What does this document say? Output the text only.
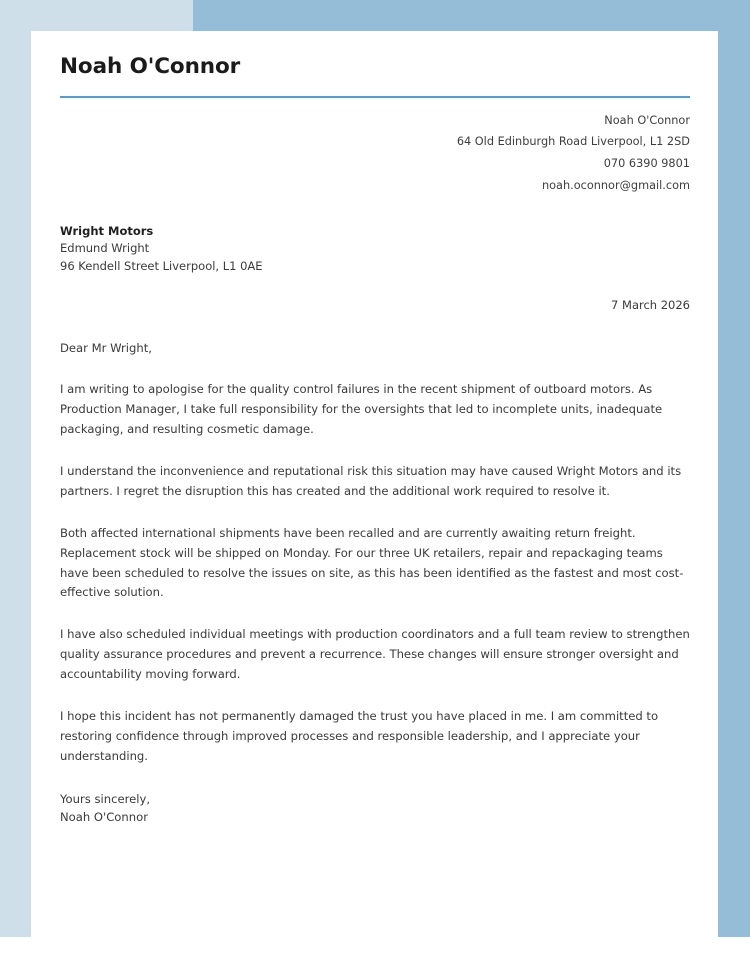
Noah O'Connor
Noah O'Connor
64 Old Edinburgh Road Liverpool, L1 2SD
070 6390 9801
noah.oconnor@gmail.com
Wright Motors
Edmund Wright
96 Kendell Street Liverpool, L1 0AE
7 March 2026
Dear Mr Wright,

I am writing to apologise for the quality control failures in the recent shipment of outboard motors. As Production Manager, I take full responsibility for the oversights that led to incomplete units, inadequate packaging, and resulting cosmetic damage.

I understand the inconvenience and reputational risk this situation may have caused Wright Motors and its partners. I regret the disruption this has created and the additional work required to resolve it.

Both affected international shipments have been recalled and are currently awaiting return freight. Replacement stock will be shipped on Monday. For our three UK retailers, repair and repackaging teams have been scheduled to resolve the issues on site, as this has been identified as the fastest and most cost-effective solution.

I have also scheduled individual meetings with production coordinators and a full team review to strengthen quality assurance procedures and prevent a recurrence. These changes will ensure stronger oversight and accountability moving forward.

I hope this incident has not permanently damaged the trust you have placed in me. I am committed to restoring confidence through improved processes and responsible leadership, and I appreciate your understanding.

Yours sincerely,
Noah O'Connor
